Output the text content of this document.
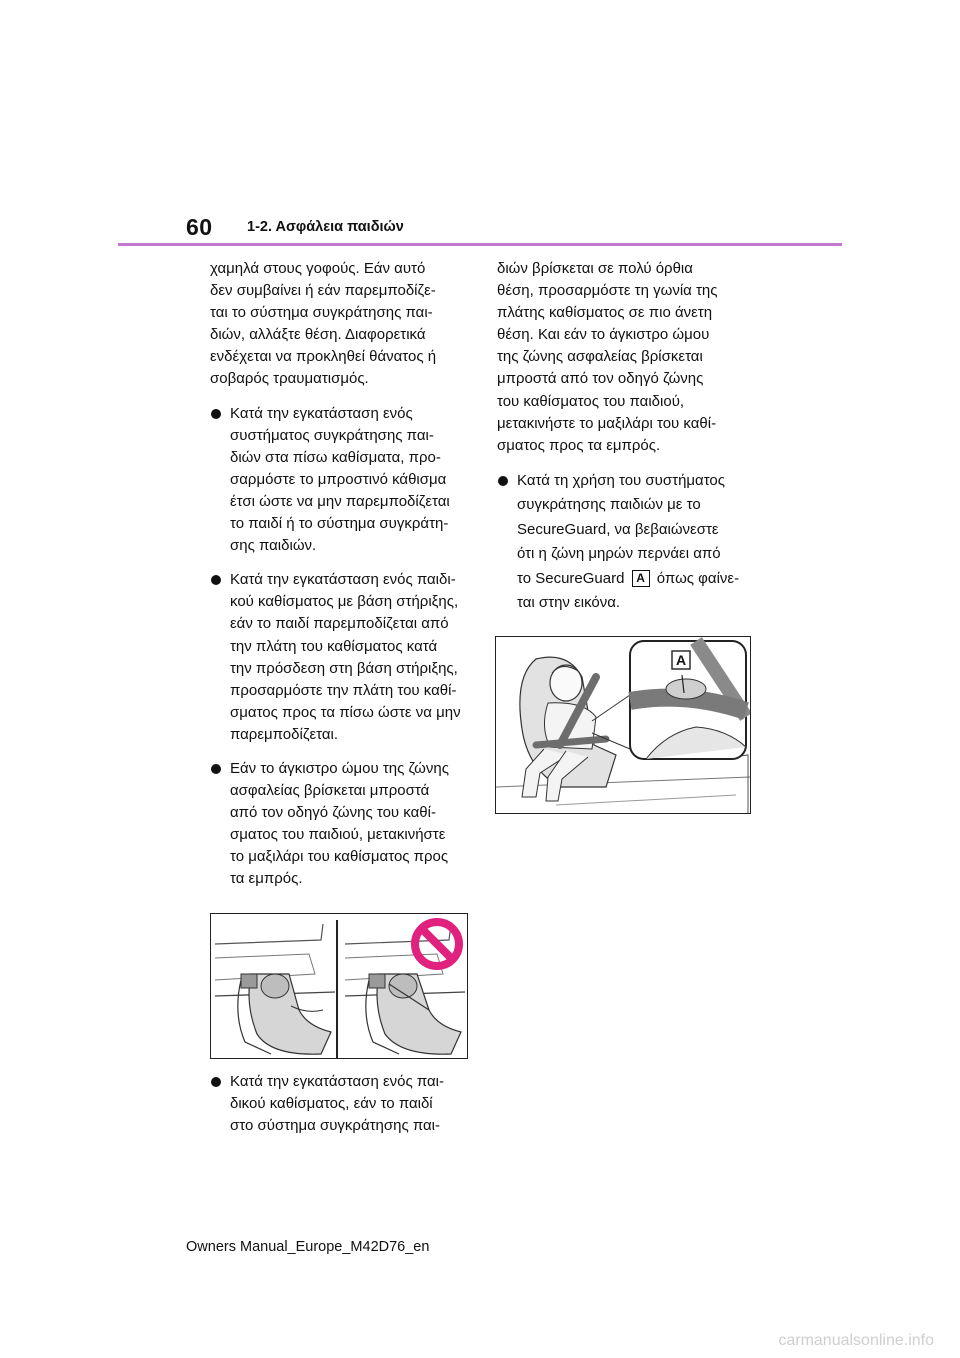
60 1-2. Ασφάλεια παιδιών
χαμηλά στους γοφούς. Εάν αυτό
δεν συμβαίνει ή εάν παρεμποδίζε-
ται το σύστημα συγκράτησης παι-
διών, αλλάξτε θέση. Διαφορετικά
ενδέχεται να προκληθεί θάνατος ή
σοβαρός τραυματισμός.
Κατά την εγκατάσταση ενός
συστήματος συγκράτησης παι-
διών στα πίσω καθίσματα, προ-
σαρμόστε το μπροστινό κάθισμα
έτσι ώστε να μην παρεμποδίζεται
το παιδί ή το σύστημα συγκράτη-
σης παιδιών.
Κατά την εγκατάσταση ενός παιδι-
κού καθίσματος με βάση στήριξης,
εάν το παιδί παρεμποδίζεται από
την πλάτη του καθίσματος κατά
την πρόσδεση στη βάση στήριξης,
προσαρμόστε την πλάτη του καθί-
σματος προς τα πίσω ώστε να μην
παρεμποδίζεται.
Εάν το άγκιστρο ώμου της ζώνης
ασφαλείας βρίσκεται μπροστά
από τον οδηγό ζώνης του καθί-
σματος του παιδιού, μετακινήστε
το μαξιλάρι του καθίσματος προς
τα εμπρός.
Κατά την εγκατάσταση ενός παι-
δικού καθίσματος, εάν το παιδί
στο σύστημα συγκράτησης παι-
διών βρίσκεται σε πολύ όρθια
θέση, προσαρμόστε τη γωνία της
πλάτης καθίσματος σε πιο άνετη
θέση. Και εάν το άγκιστρο ώμου
της ζώνης ασφαλείας βρίσκεται
μπροστά από τον οδηγό ζώνης
του καθίσματος του παιδιού,
μετακινήστε το μαξιλάρι του καθί-
σματος προς τα εμπρός.
Κατά τη χρήση του συστήματος
συγκράτησης παιδιών με το
SecureGuard, να βεβαιώνεστε
ότι η ζώνη μηρών περνάει από
το SecureGuard A όπως φαίνε-
ται στην εικόνα.
A
Owners Manual_Europe_M42D76_en
carmanualsonline.info
